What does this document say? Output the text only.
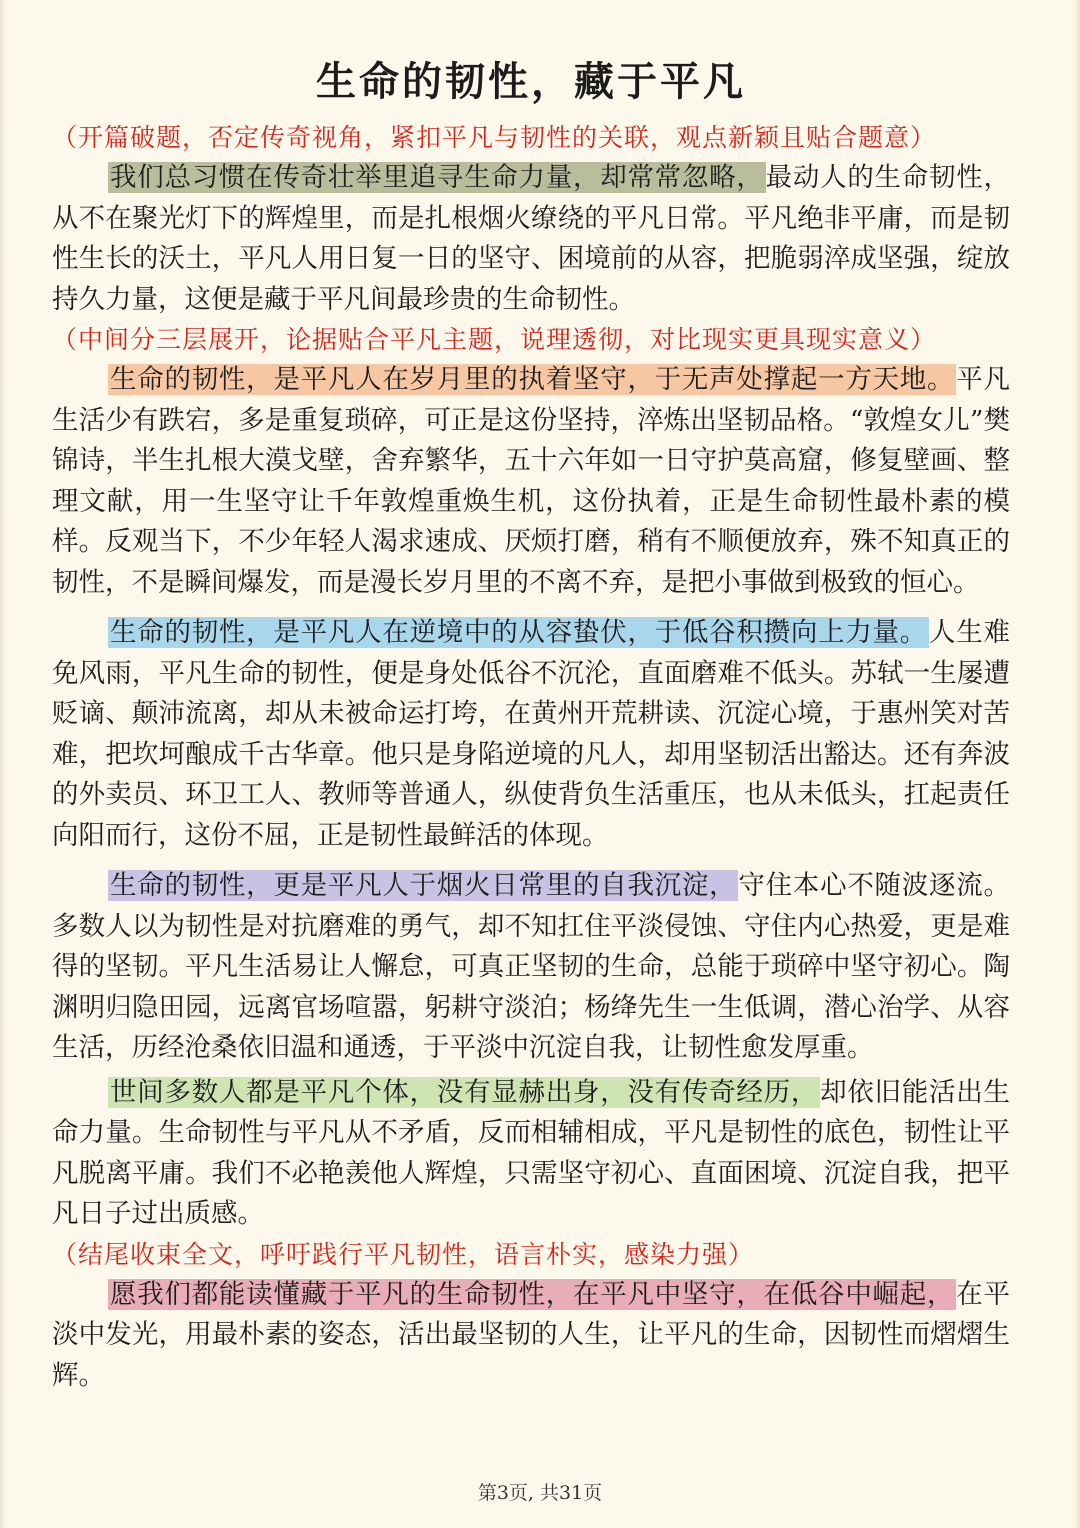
生命的韧性，藏于平凡

（开篇破题，否定传奇视角，紧扣平凡与韧性的关联，观点新颖且贴合题意）

我们总习惯在传奇壮举里追寻生命力量，却常常忽略，最动人的生命韧性，从不在聚光灯下的辉煌里，而是扎根烟火缭绕的平凡日常。平凡绝非平庸，而是韧性生长的沃土，平凡人用日复一日的坚守、困境前的从容，把脆弱淬成坚强，绽放持久力量，这便是藏于平凡间最珍贵的生命韧性。

（中间分三层展开，论据贴合平凡主题，说理透彻，对比现实更具现实意义）

生命的韧性，是平凡人在岁月里的执着坚守，于无声处撑起一方天地。平凡生活少有跌宕，多是重复琐碎，可正是这份坚持，淬炼出坚韧品格。“敦煌女儿”樊锦诗，半生扎根大漠戈壁，舍弃繁华，五十六年如一日守护莫高窟，修复壁画、整理文献，用一生坚守让千年敦煌重焕生机，这份执着，正是生命韧性最朴素的模样。反观当下，不少年轻人渴求速成、厌烦打磨，稍有不顺便放弃，殊不知真正的韧性，不是瞬间爆发，而是漫长岁月里的不离不弃，是把小事做到极致的恒心。

生命的韧性，是平凡人在逆境中的从容蛰伏，于低谷积攒向上力量。人生难免风雨，平凡生命的韧性，便是身处低谷不沉沦，直面磨难不低头。苏轼一生屡遭贬谪、颠沛流离，却从未被命运打垮，在黄州开荒耕读、沉淀心境，于惠州笑对苦难，把坎坷酿成千古华章。他只是身陷逆境的凡人，却用坚韧活出豁达。还有奔波的外卖员、环卫工人、教师等普通人，纵使背负生活重压，也从未低头，扛起责任向阳而行，这份不屈，正是韧性最鲜活的体现。

生命的韧性，更是平凡人于烟火日常里的自我沉淀，守住本心不随波逐流。多数人以为韧性是对抗磨难的勇气，却不知扛住平淡侵蚀、守住内心热爱，更是难得的坚韧。平凡生活易让人懈怠，可真正坚韧的生命，总能于琐碎中坚守初心。陶渊明归隐田园，远离官场喧嚣，躬耕守淡泊；杨绛先生一生低调，潜心治学、从容生活，历经沧桑依旧温和通透，于平淡中沉淀自我，让韧性愈发厚重。

世间多数人都是平凡个体，没有显赫出身，没有传奇经历，却依旧能活出生命力量。生命韧性与平凡从不矛盾，反而相辅相成，平凡是韧性的底色，韧性让平凡脱离平庸。我们不必艳羡他人辉煌，只需坚守初心、直面困境、沉淀自我，把平凡日子过出质感。

（结尾收束全文，呼吁践行平凡韧性，语言朴实，感染力强）

愿我们都能读懂藏于平凡的生命韧性，在平凡中坚守，在低谷中崛起，在平淡中发光，用最朴素的姿态，活出最坚韧的人生，让平凡的生命，因韧性而熠熠生辉。

第3页, 共31页
